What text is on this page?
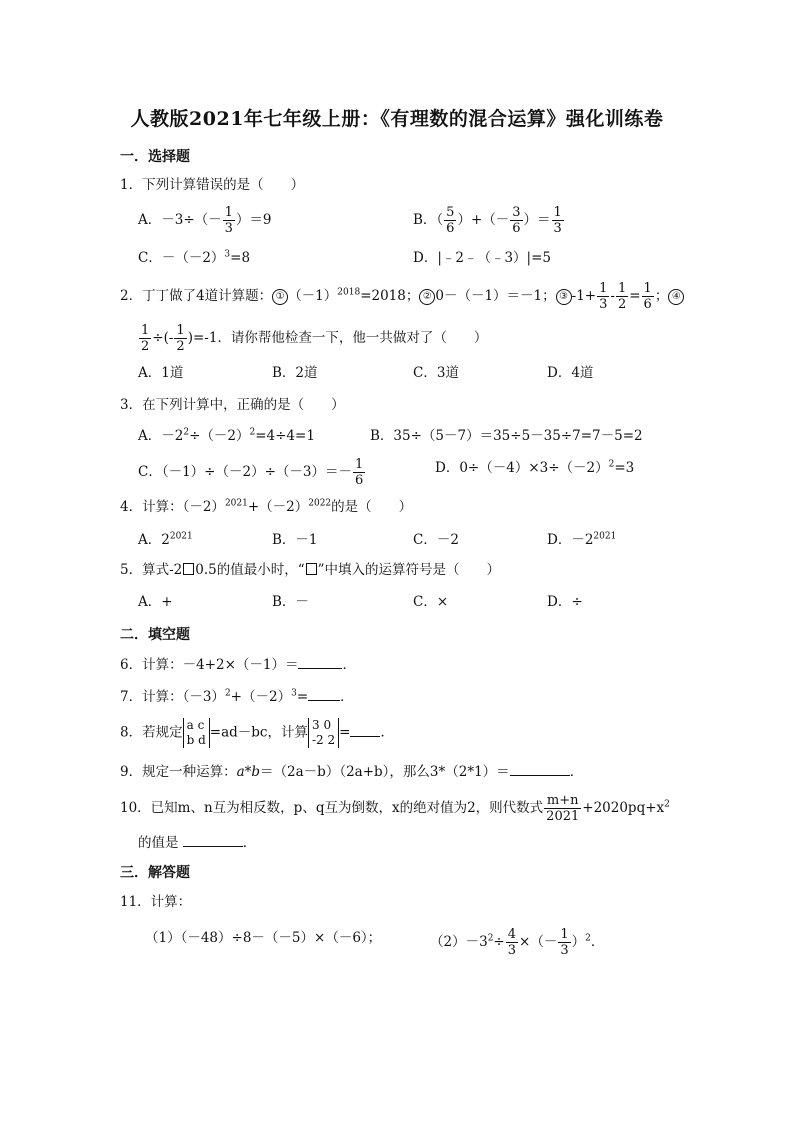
人教版2021年七年级上册：《有理数的混合运算》强化训练卷
一．选择题
1．下列计算错误的是（　　）
A．$-3\div(- \frac{1}{3} )=9$	B．（ $\frac{5}{6}$ ）+（－ $\frac{3}{6}$ ）＝ $\frac{1}{3}$
C．$-(-2)^3=8$	D．|﹣2﹣（﹣3）|=5
2．丁丁做了4道计算题： ① $(-1)^{2018}=2018$； ② 0－（－1）＝－1； ③ $-1+ \frac{1}{3} - \frac{1}{2} = \frac{1}{6}$ ； ④
$\frac{1}{2}$ ÷(- $\frac{1}{2} )=-1$．请你帮他检查一下，他一共做对了（　　）
A．1道	B．2道	C．3道	D．4道
3．在下列计算中，正确的是（　　）
A．$-2^2\div(-2)^2=4\div 4=1$	B．35÷（5－7）＝35÷5－35÷7=7－5=2
C．$(-1)\div(-2)\div(-3)=- \frac{1}{6}$	D．$0\div(-4)\times 3\div(-2)^2=3$
4．计算：$(-2)^{2021}+(-2)^{2022}$的是（　　）
A．$2^{2021}$	B．－1	C．－2	D．$-2^{2021}$
5．算式-2 0.5的值最小时，“ ”中填入的运算符号是（　　）
A．+	B．－	C．×	D．÷
二．填空题
6．计算：－4+2×（－1）＝	．
7．计算：$(-3)^2+(-2)^3=$ ．
8．若规定 a c
b d =ad－bc，计算 3 0
-2 2 = ．
9．规定一种运算：a*b＝（2a－b）（2a+b），那么3*（2*1）＝	．
10．已知m、n互为相反数，p、q互为倒数，x的绝对值为2，则代数式 $\frac{m+n}{2021} +2020pq+x^2$
的值是	．
三．解答题
11．计算：
（1）（－48）÷8－（－5）×（－6）；	$(2)-3^2\div \frac{4}{3}$ ×（－ $\frac{1}{3} )^2$．
